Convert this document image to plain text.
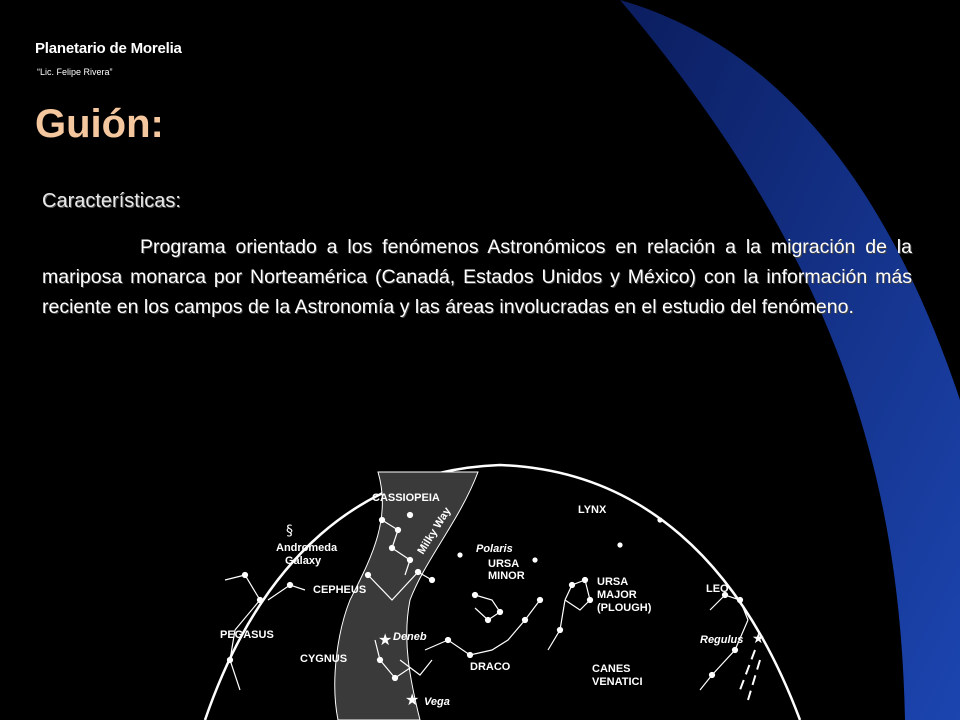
Planetario de Morelia
“Lic. Felipe Rivera”
Guión:
Características:
Programa orientado a los fenómenos Astronómicos en relación a la migración de la mariposa monarca por Norteamérica (Canadá, Estados Unidos y México) con la información más reciente en los campos de la Astronomía y las áreas involucradas en el estudio del fenómeno.
★
★
★
§
CASSIOPEIA
LYNX
Milky Way
Andromeda
Galaxy
Polaris
URSA
MINOR	URSA
MAJOR
(PLOUGH)
LEO
CEPHEUS
PEGASUS	Regulus
Deneb
CYGNUS
DRACO	CANES
VENATICI
Vega
